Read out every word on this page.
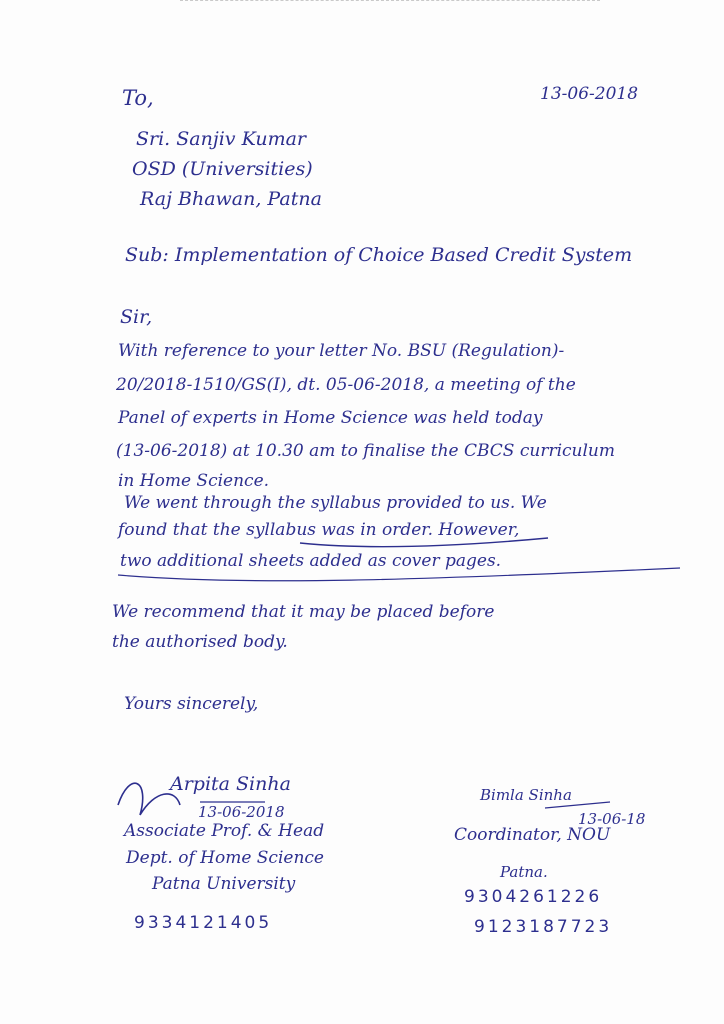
13-06-2018
To,
Sri. Sanjiv Kumar
OSD (Universities)
Raj Bhawan, Patna
Sub: Implementation of Choice Based Credit System
Sir,
With reference to your letter No. BSU (Regulation)-
20/2018-1510/GS(I), dt. 05-06-2018, a meeting of the
Panel of experts in Home Science was held today
(13-06-2018) at 10.30 am to finalise the CBCS curriculum
in Home Science.
We went through the syllabus provided to us. We
found that the syllabus was in order. However,
two additional sheets added as cover pages.
We recommend that it may be placed before
the authorised body.
Yours sincerely,
Arpita Sinha
13-06-2018
Associate Prof. & Head
Dept. of Home Science
Patna University
9334121405
Bimla Sinha
13-06-18
Coordinator, NOU
Patna.
9304261226
9123187723
